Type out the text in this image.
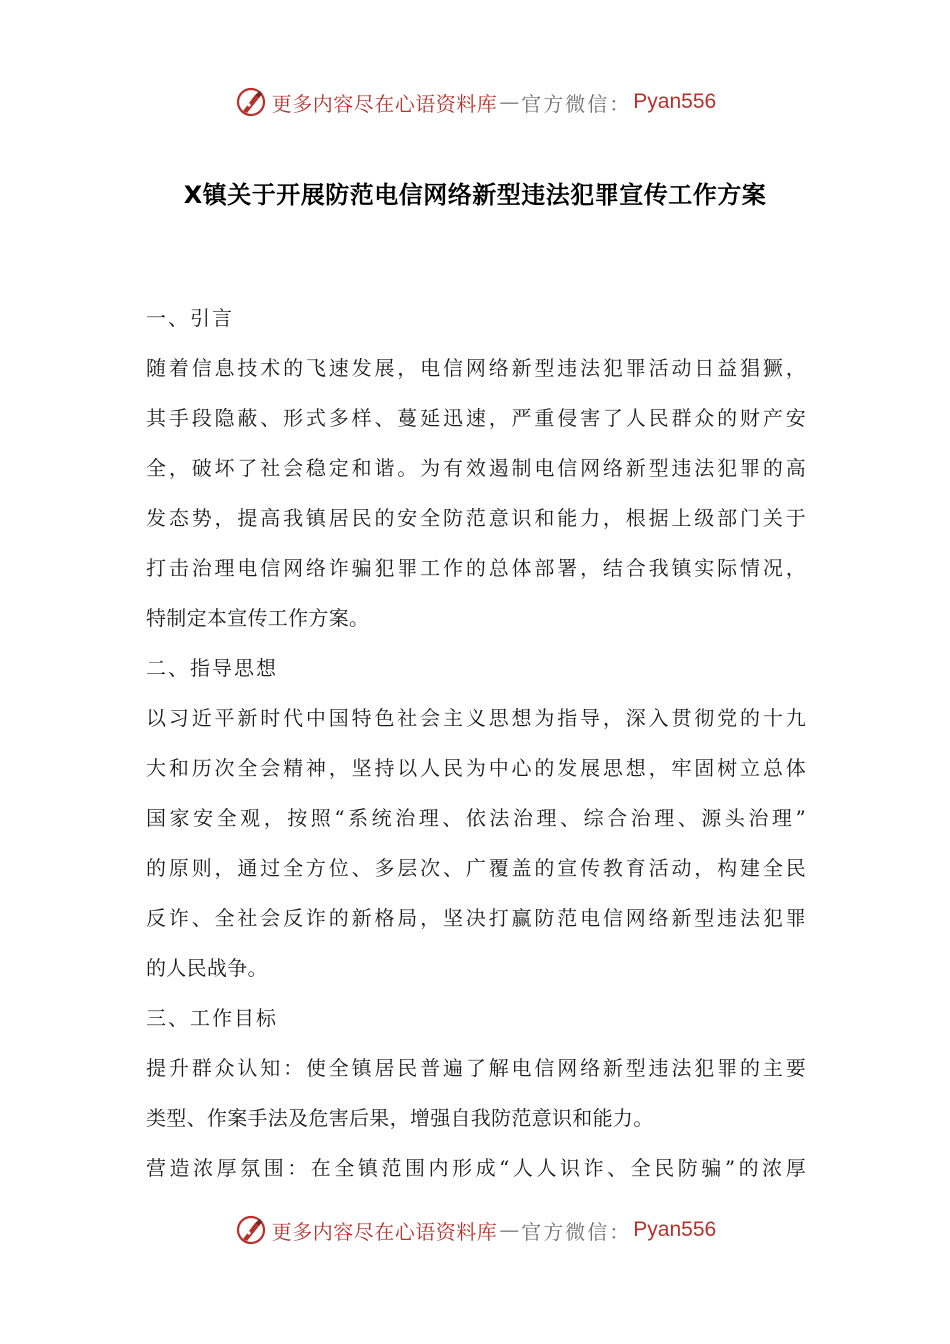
更多内容尽在心语资料库 — 官方微信： Pyan556
X镇关于开展防范电信网络新型违法犯罪宣传工作方案

一、引言

随着信息技术的飞速发展，电信网络新型违法犯罪活动日益猖獗，

其手段隐蔽、形式多样、蔓延迅速，严重侵害了人民群众的财产安

全，破坏了社会稳定和谐。为有效遏制电信网络新型违法犯罪的高

发态势，提高我镇居民的安全防范意识和能力，根据上级部门关于

打击治理电信网络诈骗犯罪工作的总体部署，结合我镇实际情况，

特制定本宣传工作方案。

二、指导思想

以习近平新时代中国特色社会主义思想为指导，深入贯彻党的十九

大和历次全会精神，坚持以人民为中心的发展思想，牢固树立总体

国家安全观，按照“系统治理、依法治理、综合治理、源头治理”

的原则，通过全方位、多层次、广覆盖的宣传教育活动，构建全民

反诈、全社会反诈的新格局，坚决打赢防范电信网络新型违法犯罪

的人民战争。

三、工作目标

提升群众认知：使全镇居民普遍了解电信网络新型违法犯罪的主要

类型、作案手法及危害后果，增强自我防范意识和能力。

营造浓厚氛围：在全镇范围内形成“人人识诈、全民防骗”的浓厚

更多内容尽在心语资料库 — 官方微信： Pyan556
